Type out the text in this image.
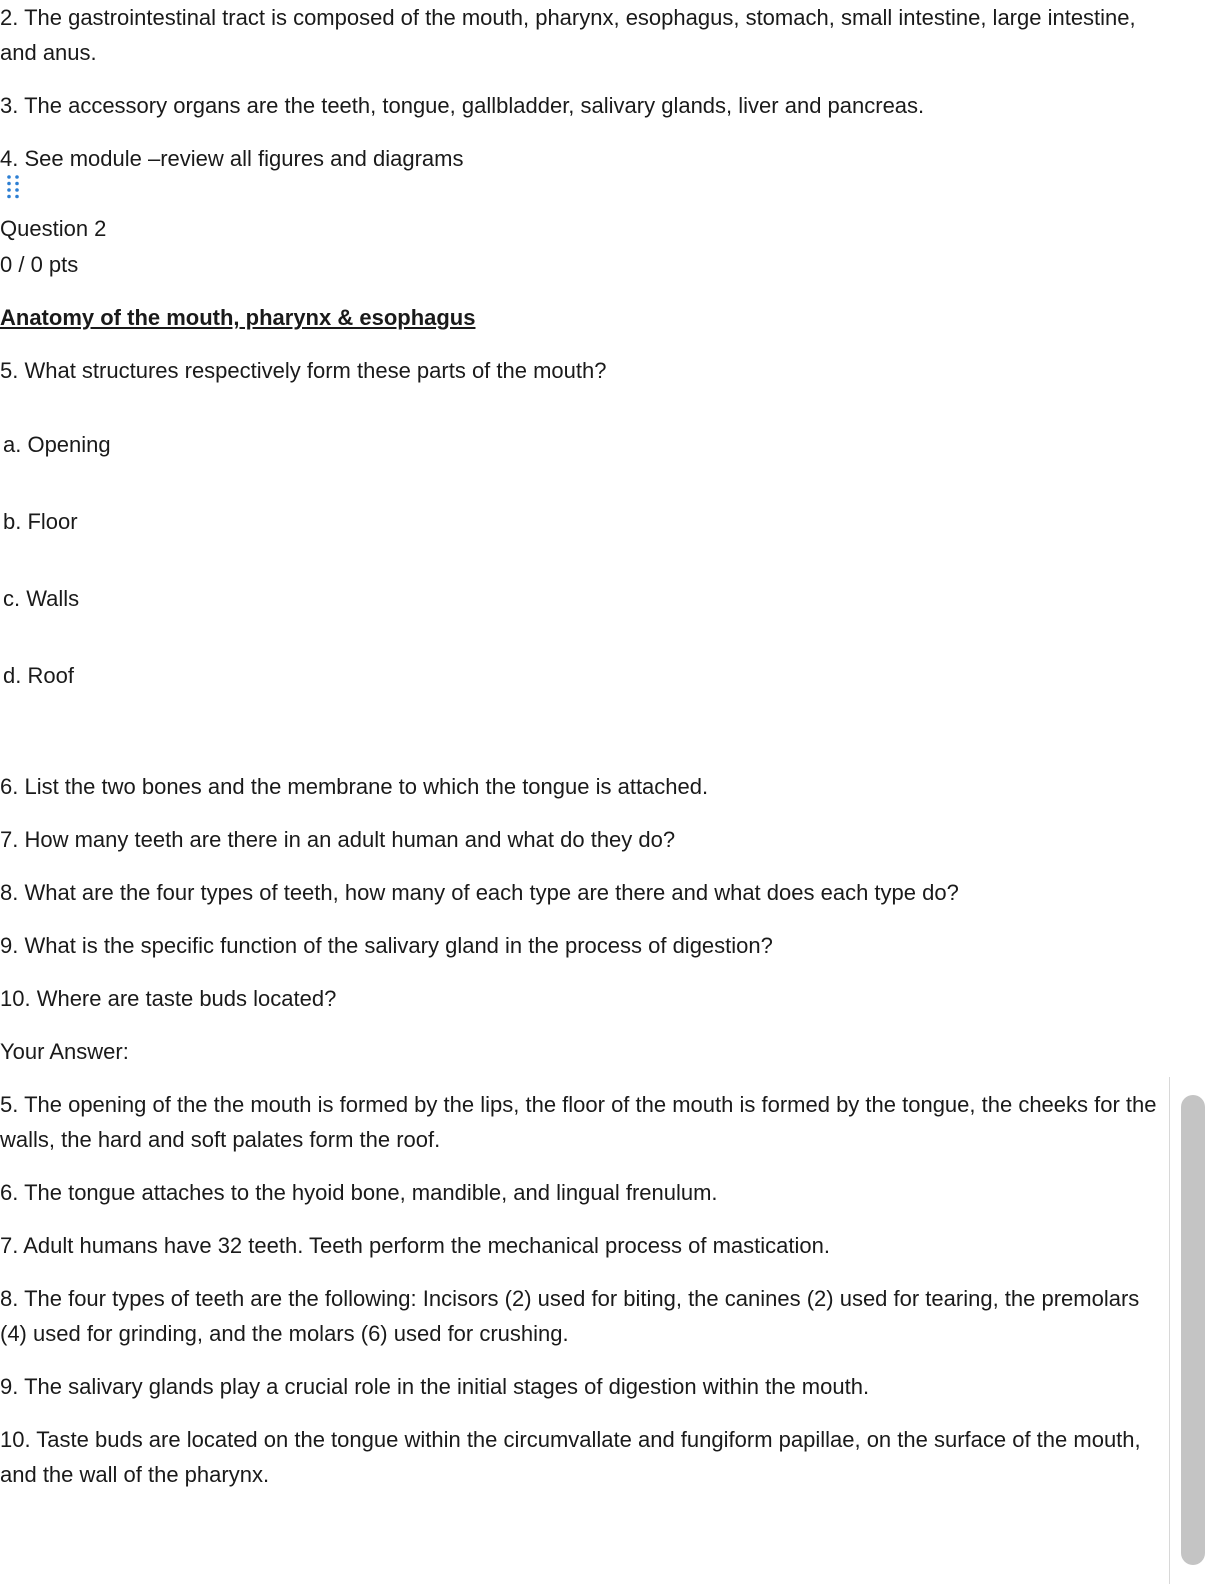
2. The gastrointestinal tract is composed of the mouth, pharynx, esophagus, stomach, small intestine, large intestine, and anus.

3. The accessory organs are the teeth, tongue, gallbladder, salivary glands, liver and pancreas.

4. See module –review all figures and diagrams

Question 2
0 / 0 pts

Anatomy of the mouth, pharynx & esophagus

5. What structures respectively form these parts of the mouth?

a. Opening

b. Floor

c. Walls

d. Roof

6. List the two bones and the membrane to which the tongue is attached.

7. How many teeth are there in an adult human and what do they do?

8. What are the four types of teeth, how many of each type are there and what does each type do?

9. What is the specific function of the salivary gland in the process of digestion?

10. Where are taste buds located?

Your Answer:

5. The opening of the the mouth is formed by the lips, the floor of the mouth is formed by the tongue, the cheeks for the walls, the hard and soft palates form the roof.

6. The tongue attaches to the hyoid bone, mandible, and lingual frenulum.

7. Adult humans have 32 teeth. Teeth perform the mechanical process of mastication.

8. The four types of teeth are the following: Incisors (2) used for biting, the canines (2) used for tearing, the premolars (4) used for grinding, and the molars (6) used for crushing.

9. The salivary glands play a crucial role in the initial stages of digestion within the mouth.

10. Taste buds are located on the tongue within the circumvallate and fungiform papillae, on the surface of the mouth, and the wall of the pharynx.
